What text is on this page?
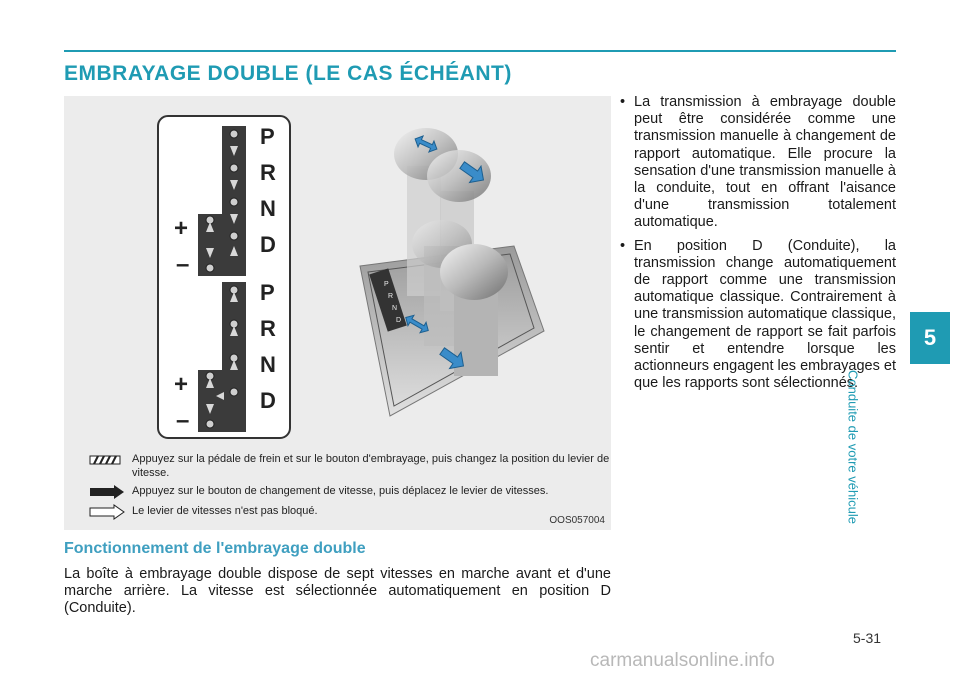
EMBRAYAGE DOUBLE (LE CAS ÉCHÉANT)
P
R
N
D
P
R
N
D
+
–
+
–
P
R
N
D
Appuyez sur la pédale de frein et sur le bouton d'embrayage, puis changez la position du levier de vitesse.
Appuyez sur le bouton de changement de vitesse, puis déplacez le levier de vitesses.
Le levier de vitesses n'est pas bloqué.
OOS057004
Fonctionnement de l'embrayage double
La boîte à embrayage double dispose de sept vitesses en marche avant et d'une marche arrière. La vitesse est sélectionnée automatiquement en position D (Conduite).
• La transmission à embrayage double peut être considérée comme une transmission manuelle à changement de rapport automatique. Elle procure la sensation d'une transmission manuelle à la conduite, tout en offrant l'aisance d'une transmission totalement automatique.
• En position D (Conduite), la transmission change automatiquement de rapport comme une transmission automatique classique. Contrairement à une transmission automatique classique, le changement de rapport se fait parfois sentir et entendre lorsque les actionneurs engagent les embrayages et que les rapports sont sélectionnés.
5
Conduite de votre véhicule
5-31
carmanualsonline.info
